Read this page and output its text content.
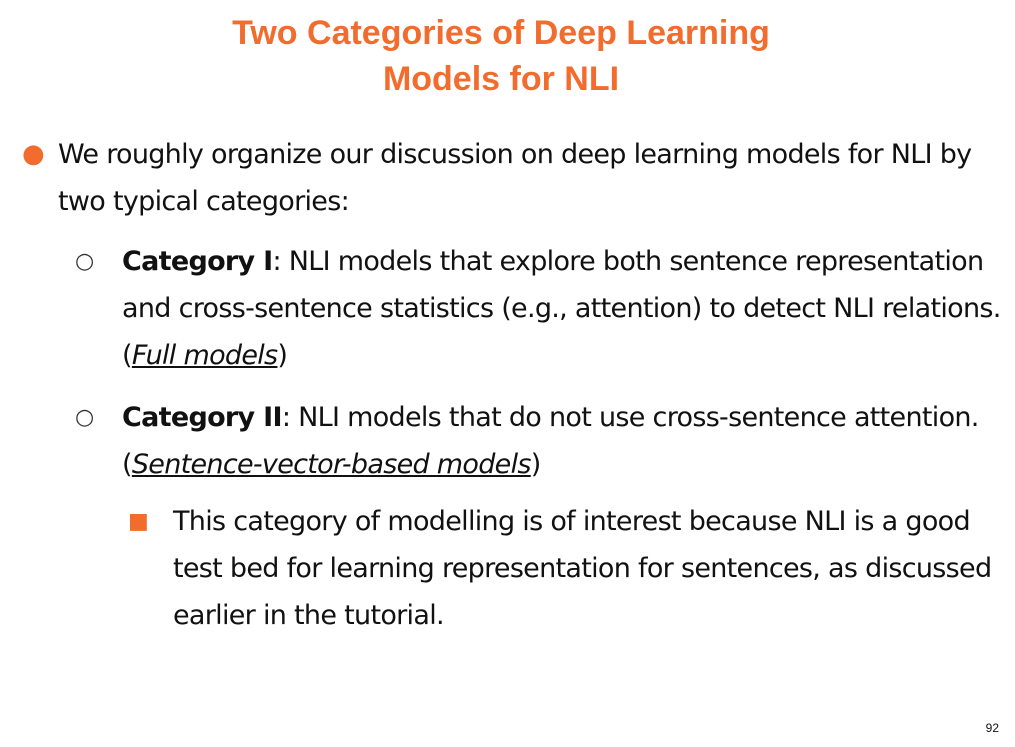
Two Categories of Deep Learning
Models for NLI
● We roughly organize our discussion on deep learning models for NLI by two typical categories:
○ Category I: NLI models that explore both sentence representation and cross-sentence statistics (e.g., attention) to detect NLI relations. (Full models)
○ Category II: NLI models that do not use cross-sentence attention. (Sentence-vector-based models)
■ This category of modelling is of interest because NLI is a good test bed for learning representation for sentences, as discussed earlier in the tutorial.
92
